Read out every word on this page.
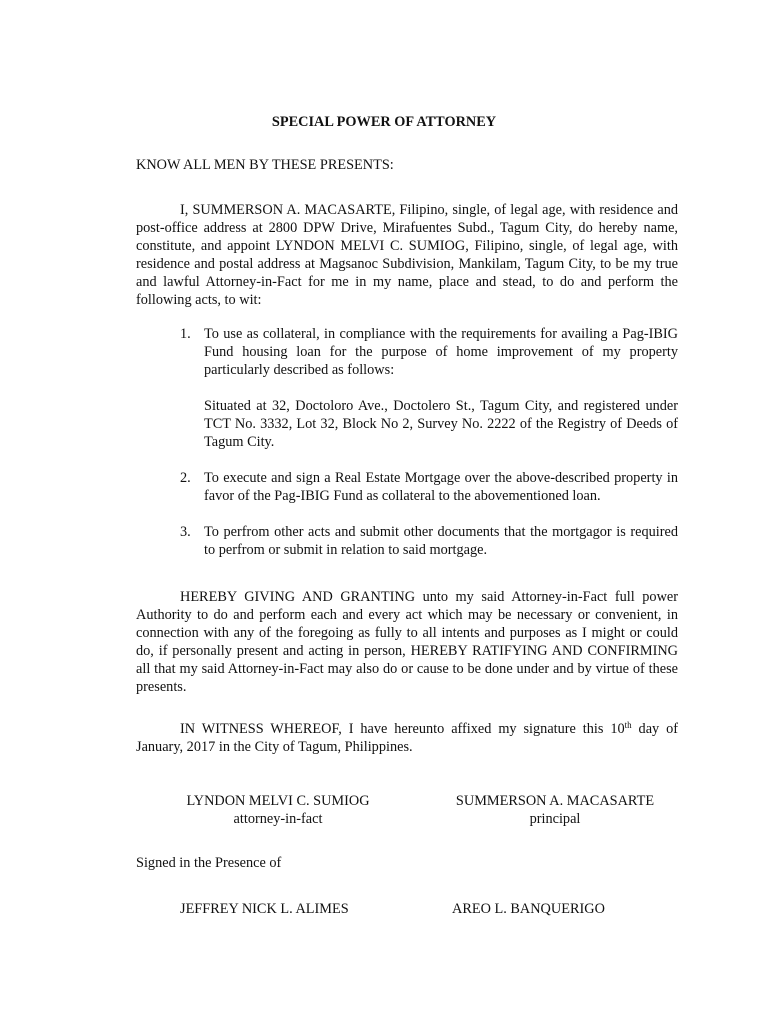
SPECIAL POWER OF ATTORNEY
KNOW ALL MEN BY THESE PRESENTS:
I, SUMMERSON A. MACASARTE, Filipino, single, of legal age, with residence and post-office address at 2800 DPW Drive, Mirafuentes Subd., Tagum City, do hereby name, constitute, and appoint LYNDON MELVI C. SUMIOG, Filipino, single, of legal age, with residence and postal address at Magsanoc Subdivision, Mankilam, Tagum City, to be my true and lawful Attorney-in-Fact for me in my name, place and stead, to do and perform the following acts, to wit:
1. To use as collateral, in compliance with the requirements for availing a Pag-IBIG Fund housing loan for the purpose of home improvement of my property particularly described as follows:

Situated at 32, Doctoloro Ave., Doctolero St., Tagum City, and registered under TCT No. 3332, Lot 32, Block No 2, Survey No. 2222 of the Registry of Deeds of Tagum City.

2. To execute and sign a Real Estate Mortgage over the above-described property in favor of the Pag-IBIG Fund as collateral to the abovementioned loan.

3. To perfrom other acts and submit other documents that the mortgagor is required to perfrom or submit in relation to said mortgage.

HEREBY GIVING AND GRANTING unto my said Attorney-in-Fact full power Authority to do and perform each and every act which may be necessary or convenient, in connection with any of the foregoing as fully to all intents and purposes as I might or could do, if personally present and acting in person, HEREBY RATIFYING AND CONFIRMING all that my said Attorney-in-Fact may also do or cause to be done under and by virtue of these presents.
IN WITNESS WHEREOF, I have hereunto affixed my signature this 10th day of January, 2017 in the City of Tagum, Philippines.
LYNDON MELVI C. SUMIOG
attorney-in-fact
SUMMERSON A. MACASARTE
principal
Signed in the Presence of
JEFFREY NICK L. ALIMES	AREO L. BANQUERIGO
